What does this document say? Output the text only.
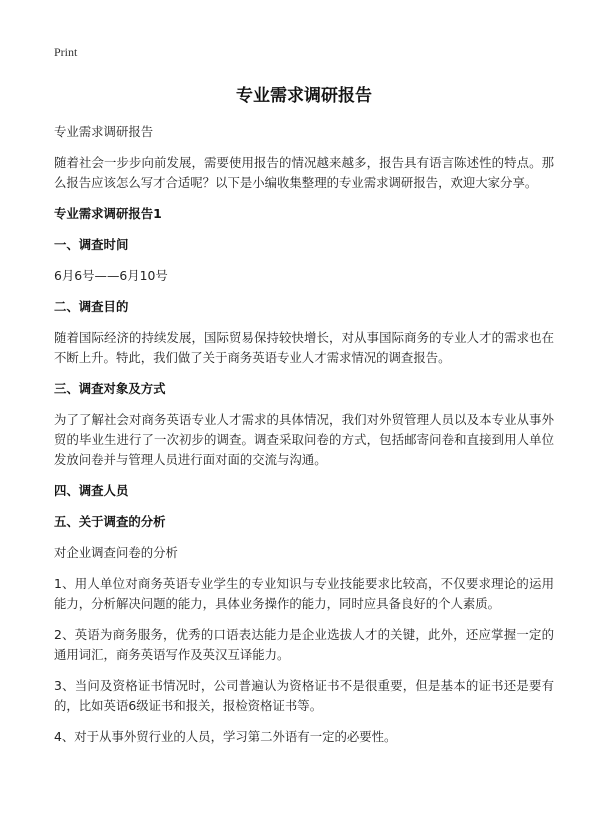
Print
专业需求调研报告
专业需求调研报告
随着社会一步步向前发展，需要使用报告的情况越来越多，报告具有语言陈述性的特点。那么报告应该怎么写才合适呢？以下是小编收集整理的专业需求调研报告，欢迎大家分享。
专业需求调研报告1
一、调查时间
6月6号——6月10号
二、调查目的
随着国际经济的持续发展，国际贸易保持较快增长，对从事国际商务的专业人才的需求也在不断上升。特此，我们做了关于商务英语专业人才需求情况的调查报告。
三、调查对象及方式
为了了解社会对商务英语专业人才需求的具体情况，我们对外贸管理人员以及本专业从事外贸的毕业生进行了一次初步的调查。调查采取问卷的方式，包括邮寄问卷和直接到用人单位发放问卷并与管理人员进行面对面的交流与沟通。
四、调查人员
五、关于调查的分析
对企业调查问卷的分析
1、用人单位对商务英语专业学生的专业知识与专业技能要求比较高，不仅要求理论的运用能力，分析解决问题的能力，具体业务操作的能力，同时应具备良好的个人素质。
2、英语为商务服务，优秀的口语表达能力是企业选拔人才的关键，此外，还应掌握一定的通用词汇，商务英语写作及英汉互译能力。
3、当问及资格证书情况时，公司普遍认为资格证书不是很重要，但是基本的证书还是要有的，比如英语6级证书和报关，报检资格证书等。
4、对于从事外贸行业的人员，学习第二外语有一定的必要性。
